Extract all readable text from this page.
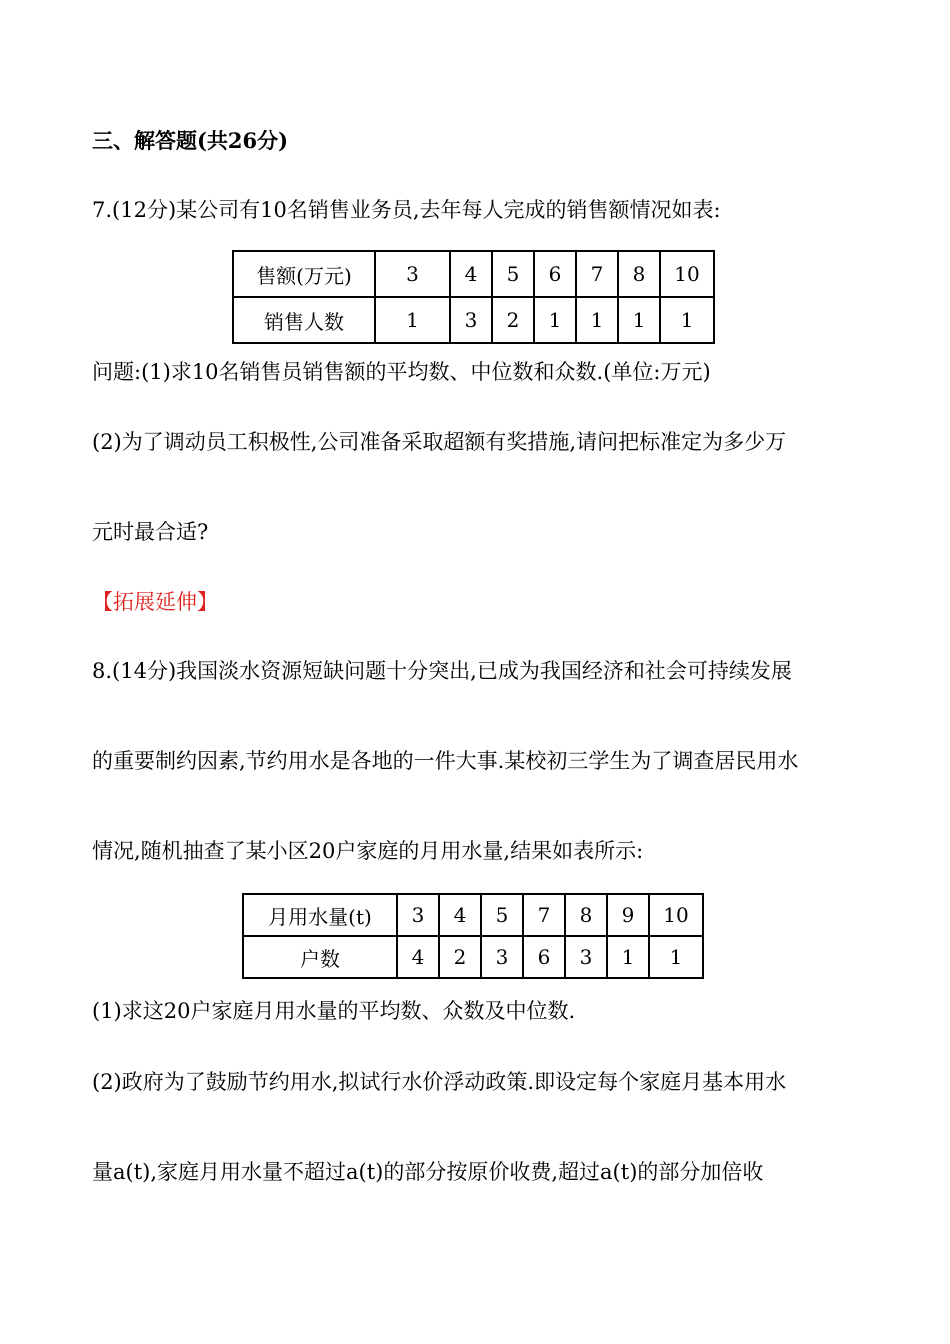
三、解答题(共26分)
7.(12分)某公司有10名销售业务员,去年每人完成的销售额情况如表:
售额(万元)	3	4	5	6	7	8	10
销售人数	1	3	2	1	1	1	1
问题:(1)求10名销售员销售额的平均数、中位数和众数.(单位:万元)
(2)为了调动员工积极性,公司准备采取超额有奖措施,请问把标准定为多少万
元时最合适?
【拓展延伸】
8.(14分)我国淡水资源短缺问题十分突出,已成为我国经济和社会可持续发展
的重要制约因素,节约用水是各地的一件大事.某校初三学生为了调查居民用水
情况,随机抽查了某小区20户家庭的月用水量,结果如表所示:
月用水量(t)	3	4	5	7	8	9	10
户数	4	2	3	6	3	1	1
(1)求这20户家庭月用水量的平均数、众数及中位数.
(2)政府为了鼓励节约用水,拟试行水价浮动政策.即设定每个家庭月基本用水
量a(t),家庭月用水量不超过a(t)的部分按原价收费,超过a(t)的部分加倍收
